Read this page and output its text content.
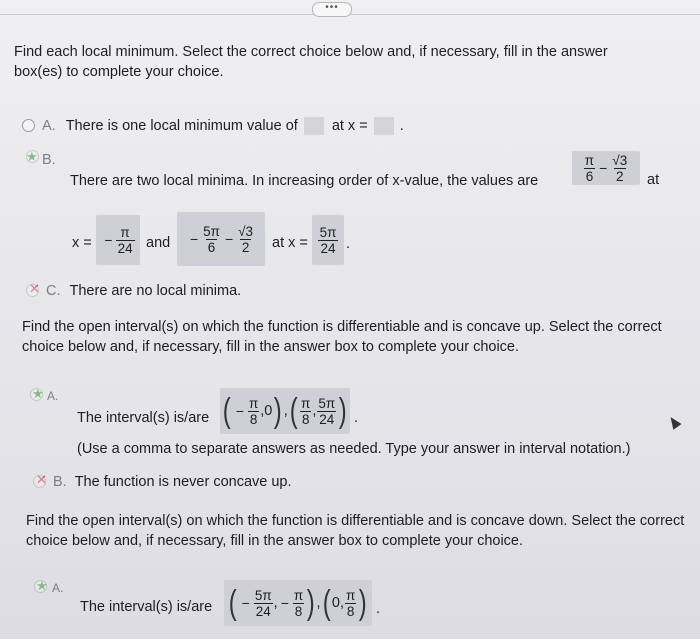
•••
Find each local minimum. Select the correct choice below and, if necessary, fill in the answer box(es) to complete your choice.
A. There is one local minimum value of at x = .
★ B.
There are two local minima. In increasing order of x-value, the values are	$\frac{\pi}{6} - \frac{√3}{2}$ at
x = − $\frac{\pi}{24}$ and − $\frac{5\pi}{6} - \frac{√3}{2}$ at $x = \frac{5\pi}{24}$ .
✕ C. There are no local minima.
Find the open interval(s) on which the function is differentiable and is concave up. Select the correct choice below and, if necessary, fill in the answer box to complete your choice.
★ A.
The interval(s) is/are ( − $\frac{\pi}{8} ,0$ ) , ( $\frac{\pi}{8}$ , $\frac{5\pi}{24}$ ) .
(Use a comma to separate answers as needed. Type your answer in interval notation.)
✕ B. The function is never concave up.
Find the open interval(s) on which the function is differentiable and is concave down. Select the correct choice below and, if necessary, fill in the answer box to complete your choice.
★ A.
The interval(s) is/are ( − $\frac{5\pi}{24}$ , − $\frac{\pi}{8}$ ) , ( 0, $\frac{\pi}{8}$ ) .
